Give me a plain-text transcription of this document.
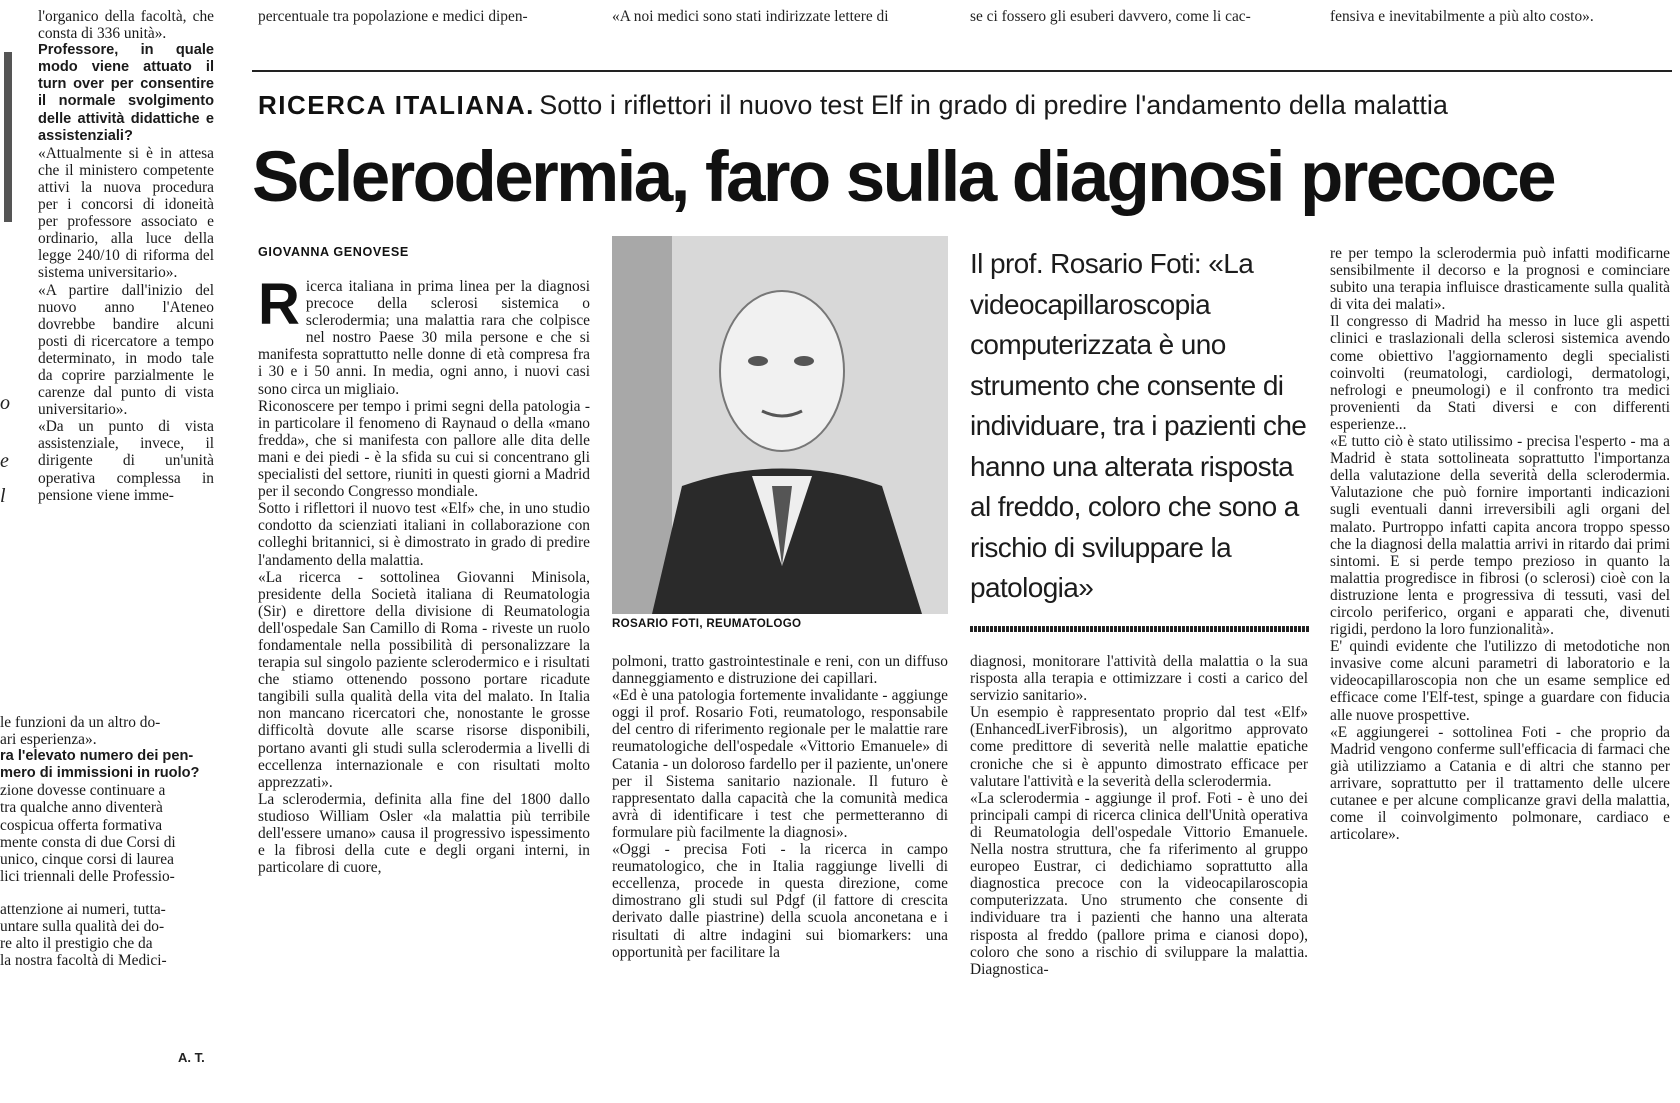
percentuale tra popolazione e medici dipen-	«A noi medici sono stati indirizzate lettere di	se ci fossero gli esuberi davvero, come li cac-	fensiva e inevitabilmente a più alto costo».

l'organico della facoltà, che consta di 336 unità».

Professore, in quale modo viene attuato il turn over per consentire il normale svolgimento delle attività didattiche e assistenziali?

«Attualmente si è in attesa che il ministero competente attivi la nuova procedura per i concorsi di idoneità per professore associato e ordinario, alla luce della legge 240/10 di riforma del sistema universitario».

«A partire dall'inizio del nuovo anno l'Ateneo dovrebbe bandire alcuni posti di ricercatore a tempo determinato, in modo tale da coprire parzialmente le carenze dal punto di vista universitario».

«Da un punto di vista assistenziale, invece, il dirigente di un'unità operativa complessa in pensione viene imme-

le funzioni da un altro do-

ari esperienza».

ra l'elevato numero dei pen-

mero di immissioni in ruolo?

zione dovesse continuare a

tra qualche anno diventerà

cospicua offerta formativa

mente consta di due Corsi di

unico, cinque corsi di laurea

lici triennali delle Professio-

attenzione ai numeri, tutta-

untare sulla qualità dei do-

re alto il prestigio che da

la nostra facoltà di Medici-

A. T.
o
e
l
RICERCA ITALIANA. Sotto i riflettori il nuovo test Elf in grado di predire l'andamento della malattia
Sclerodermia, faro sulla diagnosi precoce
GIOVANNA GENOVESE
R icerca italiana in prima linea per la diagnosi precoce della sclerosi sistemica o sclerodermia; una malattia rara che colpisce nel nostro Paese 30 mila persone e che si manifesta soprattutto nelle donne di età compresa fra i 30 e i 50 anni. In media, ogni anno, i nuovi casi sono circa un migliaio.

Riconoscere per tempo i primi segni della patologia - in particolare il fenomeno di Raynaud o della «mano fredda», che si manifesta con pallore alle dita delle mani e dei piedi - è la sfida su cui si concentrano gli specialisti del settore, riuniti in questi giorni a Madrid per il secondo Congresso mondiale.

Sotto i riflettori il nuovo test «Elf» che, in uno studio condotto da scienziati italiani in collaborazione con colleghi britannici, si è dimostrato in grado di predire l'andamento della malattia.

«La ricerca - sottolinea Giovanni Minisola, presidente della Società italiana di Reumatologia (Sir) e direttore della divisione di Reumatologia dell'ospedale San Camillo di Roma - riveste un ruolo fondamentale nella possibilità di personalizzare la terapia sul singolo paziente sclerodermico e i risultati che stiamo ottenendo possono portare ricadute tangibili sulla qualità della vita del malato. In Italia non mancano ricercatori che, nonostante le grosse difficoltà dovute alle scarse risorse disponibili, portano avanti gli studi sulla sclerodermia a livelli di eccellenza internazionale e con risultati molto apprezzati».

La sclerodermia, definita alla fine del 1800 dallo studioso William Osler «la malattia più terribile dell'essere umano» causa il progressivo ispessimento e la fibrosi della cute e degli organi interni, in particolare di cuore,

ROSARIO FOTI, REUMATOLOGO

polmoni, tratto gastrointestinale e reni, con un diffuso danneggiamento e distruzione dei capillari.

«Ed è una patologia fortemente invalidante - aggiunge oggi il prof. Rosario Foti, reumatologo, responsabile del centro di riferimento regionale per le malattie rare reumatologiche dell'ospedale «Vittorio Emanuele» di Catania - un doloroso fardello per il paziente, un'onere per il Sistema sanitario nazionale. Il futuro è rappresentato dalla capacità che la comunità medica avrà di identificare i test che permetteranno di formulare più facilmente la diagnosi».

«Oggi - precisa Foti - la ricerca in campo reumatologico, che in Italia raggiunge livelli di eccellenza, procede in questa direzione, come dimostrano gli studi sul Pdgf (il fattore di crescita derivato dalle piastrine) della scuola anconetana e i risultati di altre indagini sui biomarkers: una opportunità per facilitare la

Il prof. Rosario Foti: «La videocapillaroscopia computerizzata è uno strumento che consente di individuare, tra i pazienti che hanno una alterata risposta al freddo, coloro che sono a rischio di sviluppare la patologia»

diagnosi, monitorare l'attività della malattia o la sua risposta alla terapia e ottimizzare i costi a carico del servizio sanitario».

Un esempio è rappresentato proprio dal test «Elf» (EnhancedLiverFibrosis), un algoritmo approvato come predittore di severità nelle malattie epatiche croniche che si è appunto dimostrato efficace per valutare l'attività e la severità della sclerodermia.

«La sclerodermia - aggiunge il prof. Foti - è uno dei principali campi di ricerca clinica dell'Unità operativa di Reumatologia dell'ospedale Vittorio Emanuele. Nella nostra struttura, che fa riferimento al gruppo europeo Eustrar, ci dedichiamo soprattutto alla diagnostica precoce con la videocapilaroscopia computerizzata. Uno strumento che consente di individuare tra i pazienti che hanno una alterata risposta al freddo (pallore prima e cianosi dopo), coloro che sono a rischio di sviluppare la malattia. Diagnostica-

re per tempo la sclerodermia può infatti modificarne sensibilmente il decorso e la prognosi e cominciare subito una terapia influisce drasticamente sulla qualità di vita dei malati».

Il congresso di Madrid ha messo in luce gli aspetti clinici e traslazionali della sclerosi sistemica avendo come obiettivo l'aggiornamento degli specialisti coinvolti (reumatologi, cardiologi, dermatologi, nefrologi e pneumologi) e il confronto tra medici provenienti da Stati diversi e con differenti esperienze...

«E tutto ciò è stato utilissimo - precisa l'esperto - ma a Madrid è stata sottolineata soprattutto l'importanza della valutazione della severità della sclerodermia. Valutazione che può fornire importanti indicazioni sugli eventuali danni irreversibili agli organi del malato. Purtroppo infatti capita ancora troppo spesso che la diagnosi della malattia arrivi in ritardo dai primi sintomi. E si perde tempo prezioso in quanto la malattia progredisce in fibrosi (o sclerosi) cioè con la distruzione lenta e progressiva di tessuti, vasi del circolo periferico, organi e apparati che, divenuti rigidi, perdono la loro funzionalità».

E' quindi evidente che l'utilizzo di metodotiche non invasive come alcuni parametri di laboratorio e la videocapillaroscopia non che un esame semplice ed efficace come l'Elf-test, spinge a guardare con fiducia alle nuove prospettive.

«E aggiungerei - sottolinea Foti - che proprio da Madrid vengono conferme sull'efficacia di farmaci che già utilizziamo a Catania e di altri che stanno per arrivare, soprattutto per il trattamento delle ulcere cutanee e per alcune complicanze gravi della malattia, come il coinvolgimento polmonare, cardiaco e articolare».
